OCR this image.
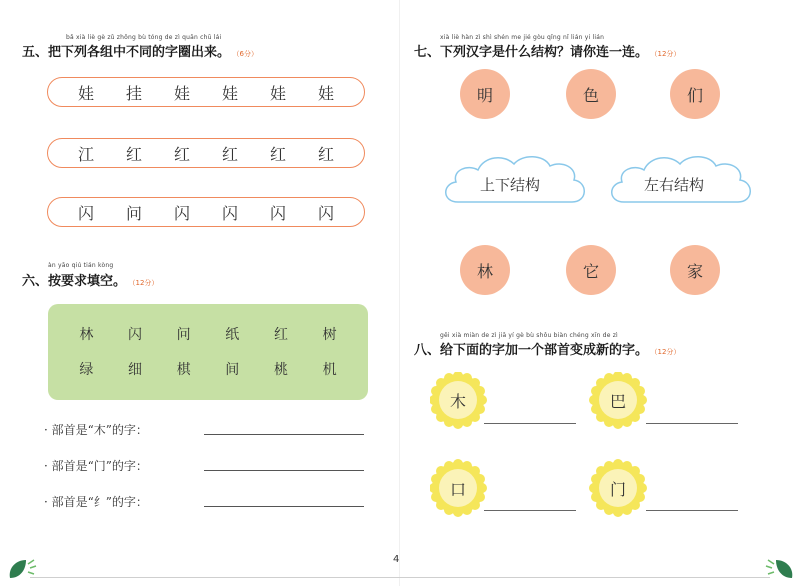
bǎ xià liè gè zǔ zhōng bù tóng de zì quān chū lái
五、把下列各组中不同的字圈出来。 （6分）
娃 挂 娃 娃 娃 娃
江 红 红 红 红 红
闪 问 闪 闪 闪 闪
àn yāo qiú tián kòng
六、按要求填空。 （12分）
林 闪 问 纸 红 树
绿 细 棋 间 桃 机
· 部首是“木”的字：
· 部首是“门”的字：
· 部首是“纟”的字：
xià liè hàn zì shì shén me jié gòu qǐng nǐ lián yi lián
七、下列汉字是什么结构？请你连一连。 （12分）
明	色	们
上下结构	左右结构
林	它	家
gěi xià miàn de zì jiā yí gè bù shǒu biàn chéng xīn de zì
八、给下面的字加一个部首变成新的字。 （12分）
木	巴
口	门
4
